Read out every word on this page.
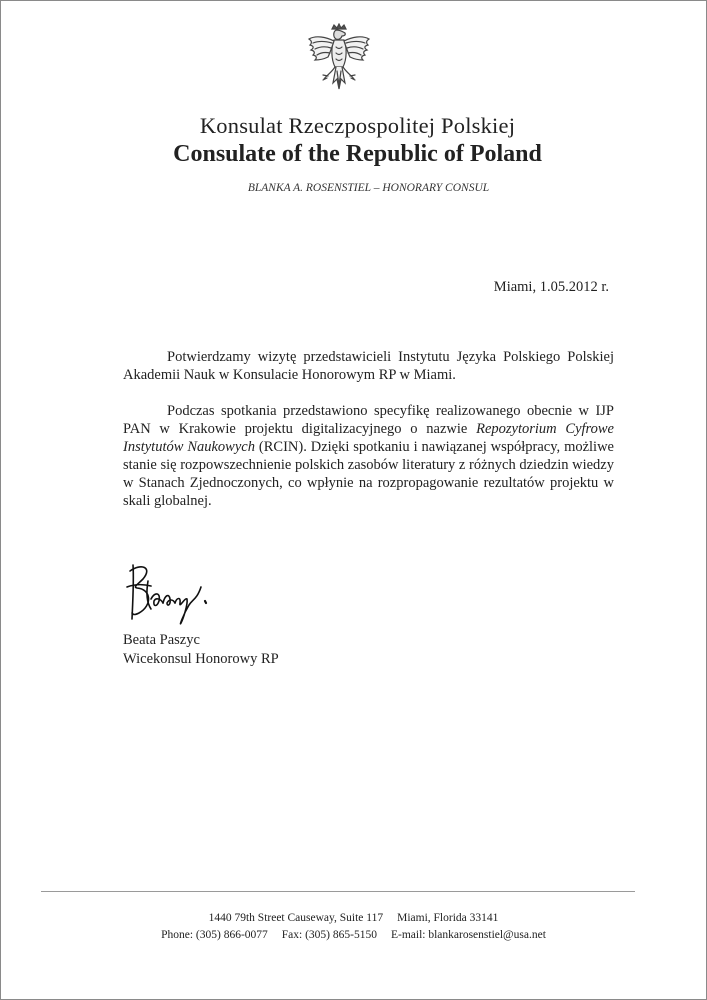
Konsulat Rzeczpospolitej Polskiej
Consulate of the Republic of Poland
BLANKA A. ROSENSTIEL – HONORARY CONSUL
Miami, 1.05.2012 r.

Potwierdzamy wizytę przedstawicieli Instytutu Języka Polskiego Polskiej Akademii Nauk w Konsulacie Honorowym RP w Miami.

Podczas spotkania przedstawiono specyfikę realizowanego obecnie w IJP PAN w Krakowie projektu digitalizacyjnego o nazwie Repozytorium Cyfrowe Instytutów Naukowych (RCIN). Dzięki spotkaniu i nawiązanej współpracy, możliwe stanie się rozpowszechnienie polskich zasobów literatury z różnych dziedzin wiedzy w Stanach Zjednoczonych, co wpłynie na rozpropagowanie rezultatów projektu w skali globalnej.

Beata Paszyc
Wicekonsul Honorowy RP
1440 79th Street Causeway, Suite 117 Miami, Florida 33141
Phone: (305) 866-0077 Fax: (305) 865-5150 E-mail: blankarosenstiel@usa.net
